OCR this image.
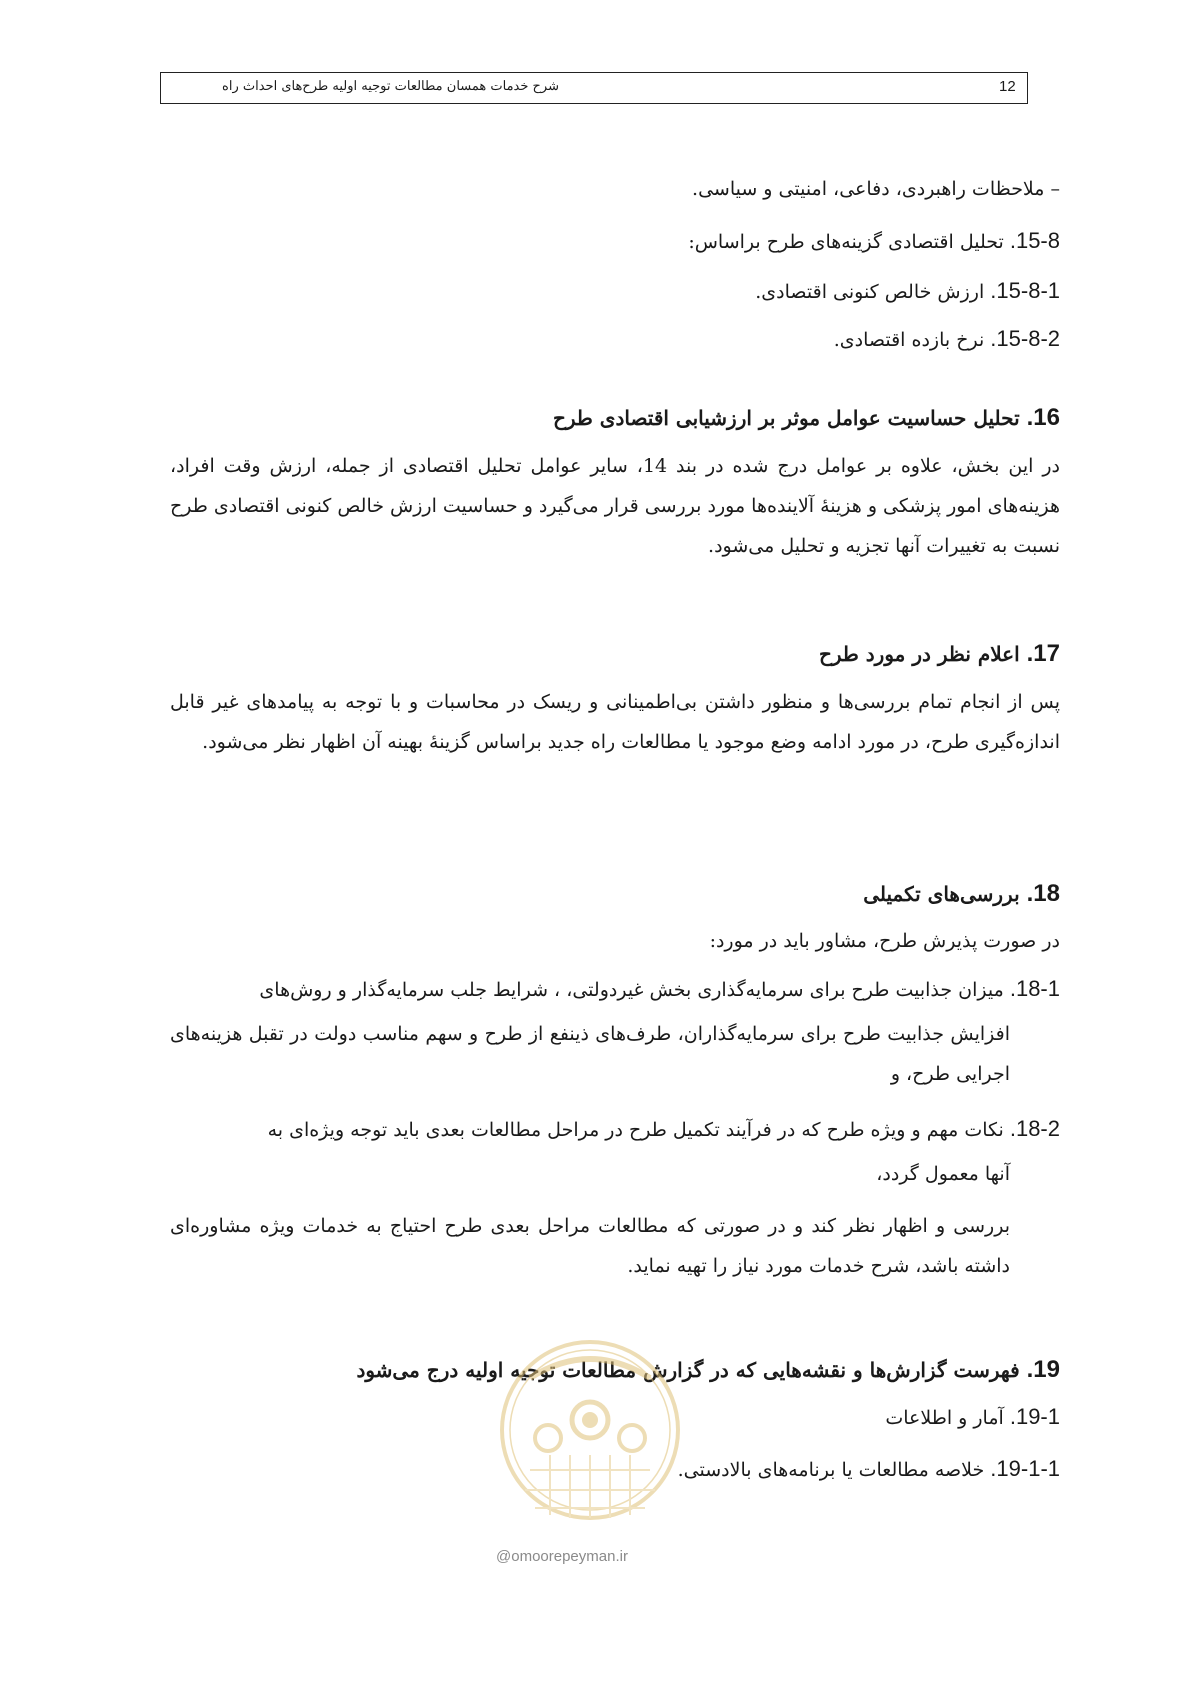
شرح خدمات همسان مطالعات توجیه اولیه طرح‌های احداث راه	12
– ملاحظات راهبردی، دفاعی، امنیتی و سیاسی.
15-8. تحلیل اقتصادی گزینه‌های طرح براساس:
15-8-1. ارزش خالص کنونی اقتصادی.
15-8-2. نرخ بازده اقتصادی.
16. تحلیل حساسیت عوامل موثر بر ارزشیابی اقتصادی طرح
در این بخش، علاوه بر عوامل درج شده در بند 14، سایر عوامل تحلیل اقتصادی از جمله، ارزش وقت افراد، هزینه‌های امور پزشکی و هزینۀ آلاینده‌ها مورد بررسی قرار می‌گیرد و حساسیت ارزش خالص کنونی اقتصادی طرح نسبت به تغییرات آنها تجزیه و تحلیل می‌شود.
17. اعلام نظر در مورد طرح
پس از انجام تمام بررسی‌ها و منظور داشتن بی‌اطمینانی و ریسک در محاسبات و با توجه به پیامدهای غیر قابل اندازه‌گیری طرح، در مورد ادامه وضع موجود یا مطالعات راه جدید براساس گزینۀ بهینه آن اظهار نظر می‌شود.
18. بررسی‌های تکمیلی
در صورت پذیرش طرح، مشاور باید در مورد:
18-1. میزان جذابیت طرح برای سرمایه‌گذاری بخش غیردولتی، ، شرایط جلب سرمایه‌گذار و روش‌های
افزایش جذابیت طرح برای سرمایه‌گذاران، طرف‌های ذینفع از طرح و سهم مناسب دولت در تقبل هزینه‌های اجرایی طرح، و
18-2. نکات مهم و ویژه طرح که در فرآیند تکمیل طرح در مراحل مطالعات بعدی باید توجه ویژه‌ای به
آنها معمول گردد،
بررسی و اظهار نظر کند و در صورتی که مطالعات مراحل بعدی طرح احتیاج به خدمات ویژه مشاوره‌ای داشته باشد، شرح خدمات مورد نیاز را تهیه نماید.
19. فهرست گزارش‌ها و نقشه‌هایی که در گزارش مطالعات توجیه اولیه درج می‌شود
19-1. آمار و اطلاعات
19-1-1. خلاصه مطالعات یا برنامه‌های بالادستی.
@omoorepeyman.ir
